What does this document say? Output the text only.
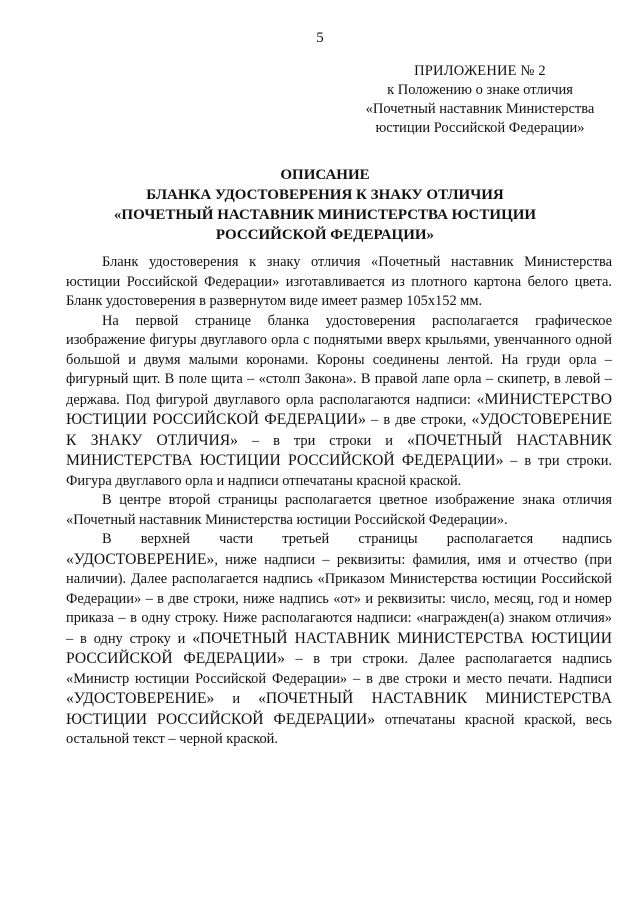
5
ПРИЛОЖЕНИЕ № 2
к Положению о знаке отличия
«Почетный наставник Министерства
юстиции Российской Федерации»
ОПИСАНИЕ
БЛАНКА УДОСТОВЕРЕНИЯ К ЗНАКУ ОТЛИЧИЯ
«ПОЧЕТНЫЙ НАСТАВНИК МИНИСТЕРСТВА ЮСТИЦИИ
РОССИЙСКОЙ ФЕДЕРАЦИИ»

Бланк удостоверения к знаку отличия «Почетный наставник Министерства юстиции Российской Федерации» изготавливается из плотного картона белого цвета. Бланк удостоверения в развернутом виде имеет размер 105x152 мм.

На первой странице бланка удостоверения располагается графическое изображение фигуры двуглавого орла с поднятыми вверх крыльями, увенчанного одной большой и двумя малыми коронами. Короны соединены лентой. На груди орла – фигурный щит. В поле щита – «столп Закона». В правой лапе орла – скипетр, в левой – держава. Под фигурой двуглавого орла располагаются надписи: «МИНИСТЕРСТВО ЮСТИЦИИ РОССИЙСКОЙ ФЕДЕРАЦИИ» – в две строки, «УДОСТОВЕРЕНИЕ К ЗНАКУ ОТЛИЧИЯ» – в три строки и «ПОЧЕТНЫЙ НАСТАВНИК МИНИСТЕРСТВА ЮСТИЦИИ РОССИЙСКОЙ ФЕДЕРАЦИИ» – в три строки. Фигура двуглавого орла и надписи отпечатаны красной краской.

В центре второй страницы располагается цветное изображение знака отличия «Почетный наставник Министерства юстиции Российской Федерации».

В верхней части третьей страницы располагается надпись «УДОСТОВЕРЕНИЕ», ниже надписи – реквизиты: фамилия, имя и отчество (при наличии). Далее располагается надпись «Приказом Министерства юстиции Российской Федерации» – в две строки, ниже надпись «от» и реквизиты: число, месяц, год и номер приказа – в одну строку. Ниже располагаются надписи: «награжден(а) знаком отличия» – в одну строку и «ПОЧЕТНЫЙ НАСТАВНИК МИНИСТЕРСТВА ЮСТИЦИИ РОССИЙСКОЙ ФЕДЕРАЦИИ» – в три строки. Далее располагается надпись «Министр юстиции Российской Федерации» – в две строки и место печати. Надписи «УДОСТОВЕРЕНИЕ» и «ПОЧЕТНЫЙ НАСТАВНИК МИНИСТЕРСТВА ЮСТИЦИИ РОССИЙСКОЙ ФЕДЕРАЦИИ» отпечатаны красной краской, весь остальной текст – черной краской.
